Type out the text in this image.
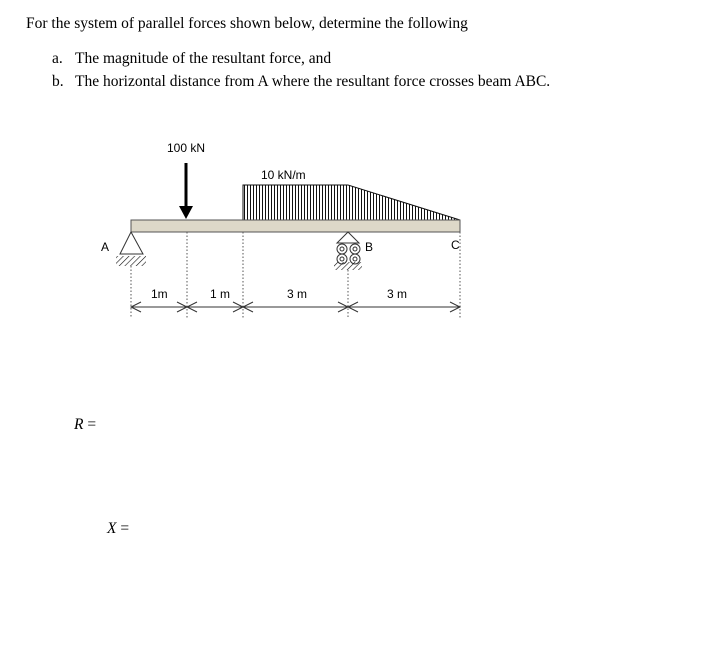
For the system of parallel forces shown below, determine the following
a. The magnitude of the resultant force, and
b. The horizontal distance from A where the resultant force crosses beam ABC.
100 kN
10 kN/m
A	B	C
1m	1 m	3 m	3 m
R =
X =
